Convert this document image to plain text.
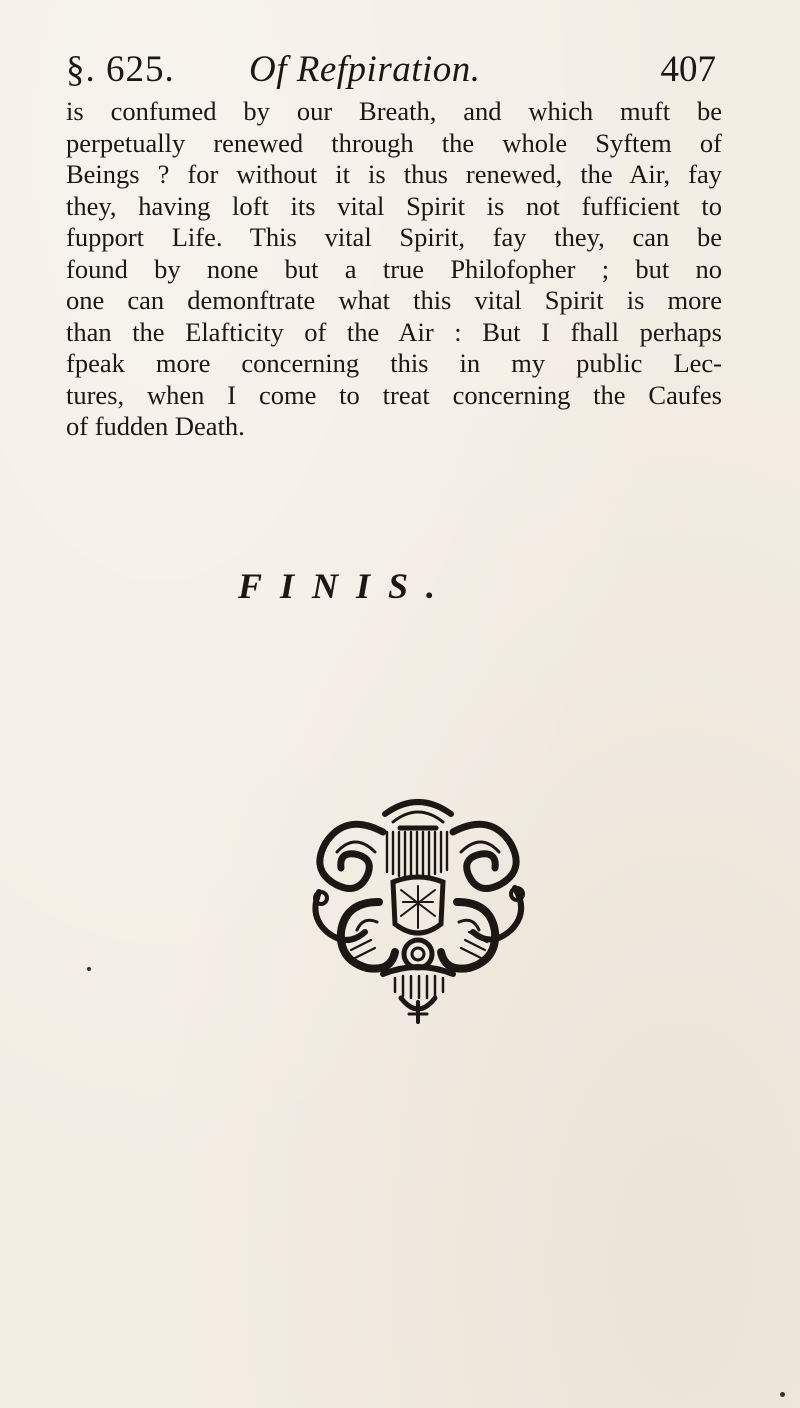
§. 625. Of Refpiration.	407
is confumed by our Breath, and which muft be
perpetually renewed through the whole Syftem of
Beings ? for without it is thus renewed, the Air, fay
they, having loft its vital Spirit is not fufficient to
fupport Life. This vital Spirit, fay they, can be
found by none but a true Philofopher ; but no
one can demonftrate what this vital Spirit is more
than the Elafticity of the Air : But I fhall perhaps
fpeak more concerning this in my public Lec-
tures, when I come to treat concerning the Caufes
of fudden Death.
FINIS.
